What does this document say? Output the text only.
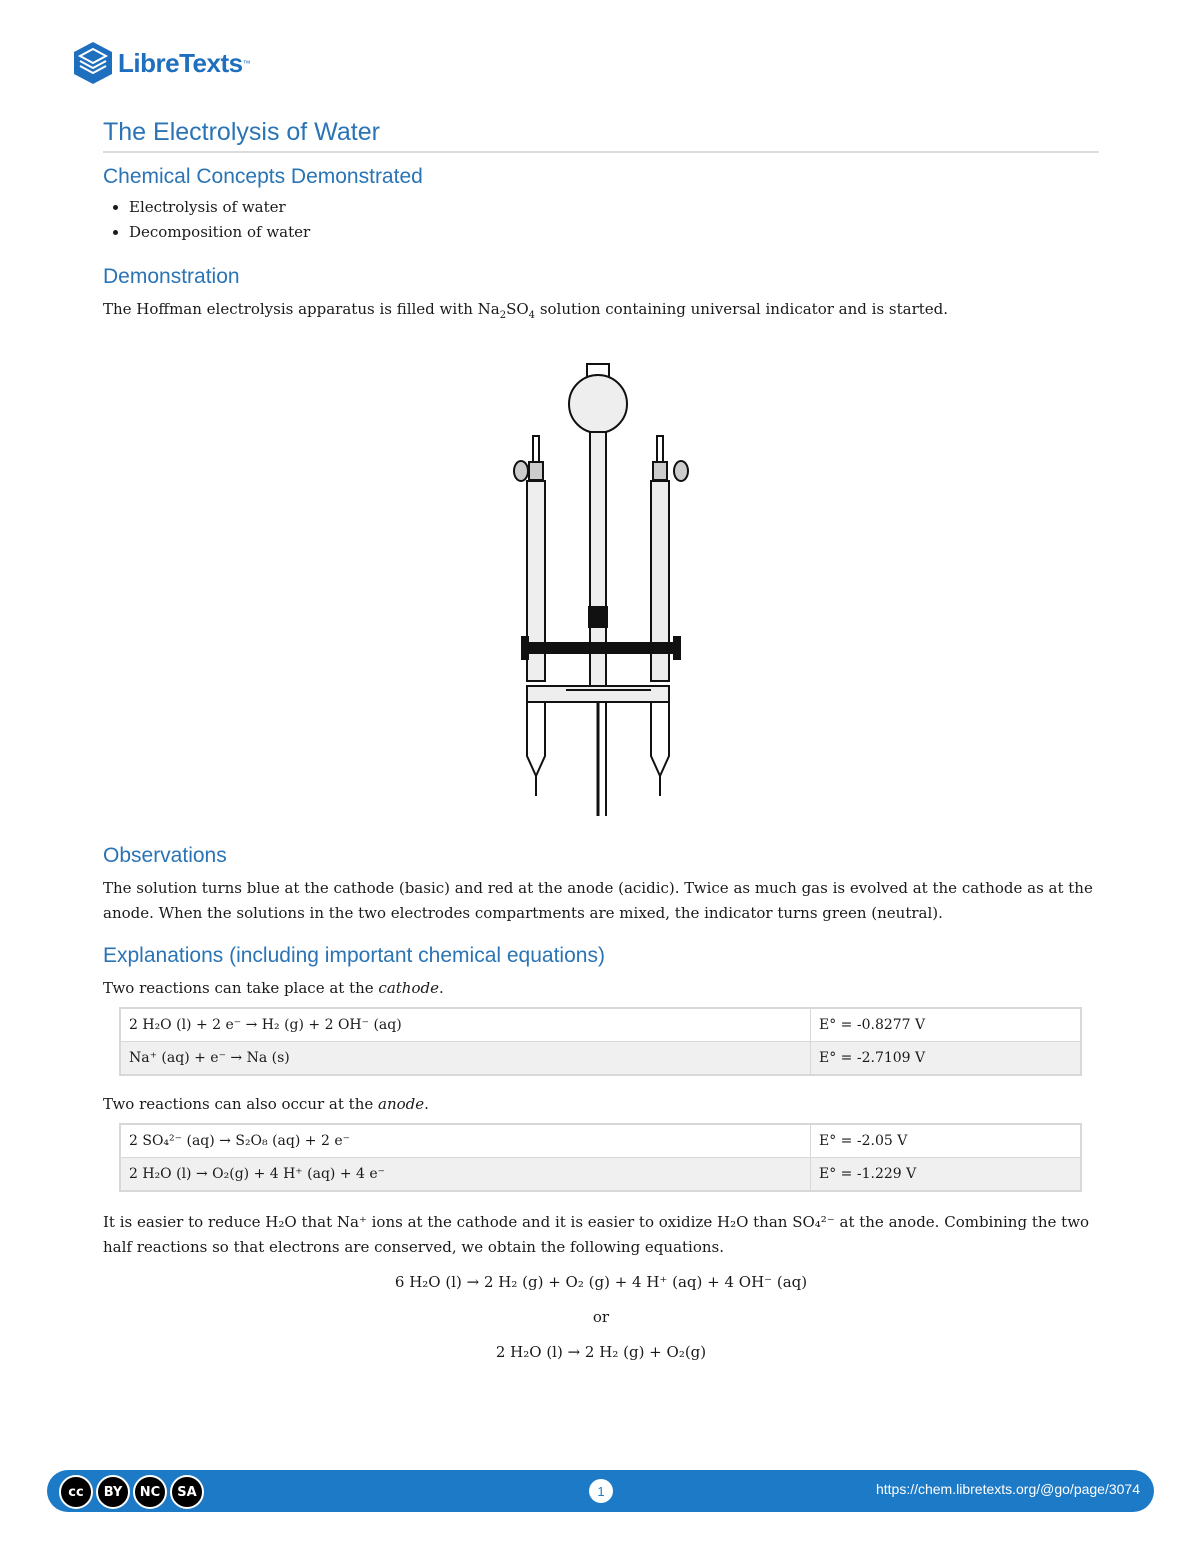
LibreTexts ™
The Electrolysis of Water
Chemical Concepts Demonstrated
• Electrolysis of water
• Decomposition of water
Demonstration

The Hoffman electrolysis apparatus is filled with $Na_2SO_4$ solution containing universal indicator and is started.

Observations

The solution turns blue at the cathode (basic) and red at the anode (acidic). Twice as much gas is evolved at the cathode as at the anode. When the solutions in the two electrodes compartments are mixed, the indicator turns green (neutral).

Explanations (including important chemical equations)

Two reactions can take place at the cathode.

2 H₂O (l) + 2 e⁻ → H₂ (g) + 2 OH⁻ (aq)	E° = -0.8277 V
Na⁺ (aq) + e⁻ → Na (s)	E° = -2.7109 V

Two reactions can also occur at the anode.

2 SO₄²⁻ (aq) → S₂O₈ (aq) + 2 e⁻	E° = -2.05 V
2 H₂O (l) → O₂(g) + 4 H⁺ (aq) + 4 e⁻	E° = -1.229 V

It is easier to reduce H₂O that Na⁺ ions at the cathode and it is easier to oxidize H₂O than SO₄²⁻ at the anode. Combining the two half reactions so that electrons are conserved, we obtain the following equations.

6 H₂O (l) → 2 H₂ (g) + O₂ (g) + 4 H⁺ (aq) + 4 OH⁻ (aq)

or

2 H₂O (l) → 2 H₂ (g) + O₂(g)

cc	BY	NC	SA	1	https://chem.libretexts.org/@go/page/3074
